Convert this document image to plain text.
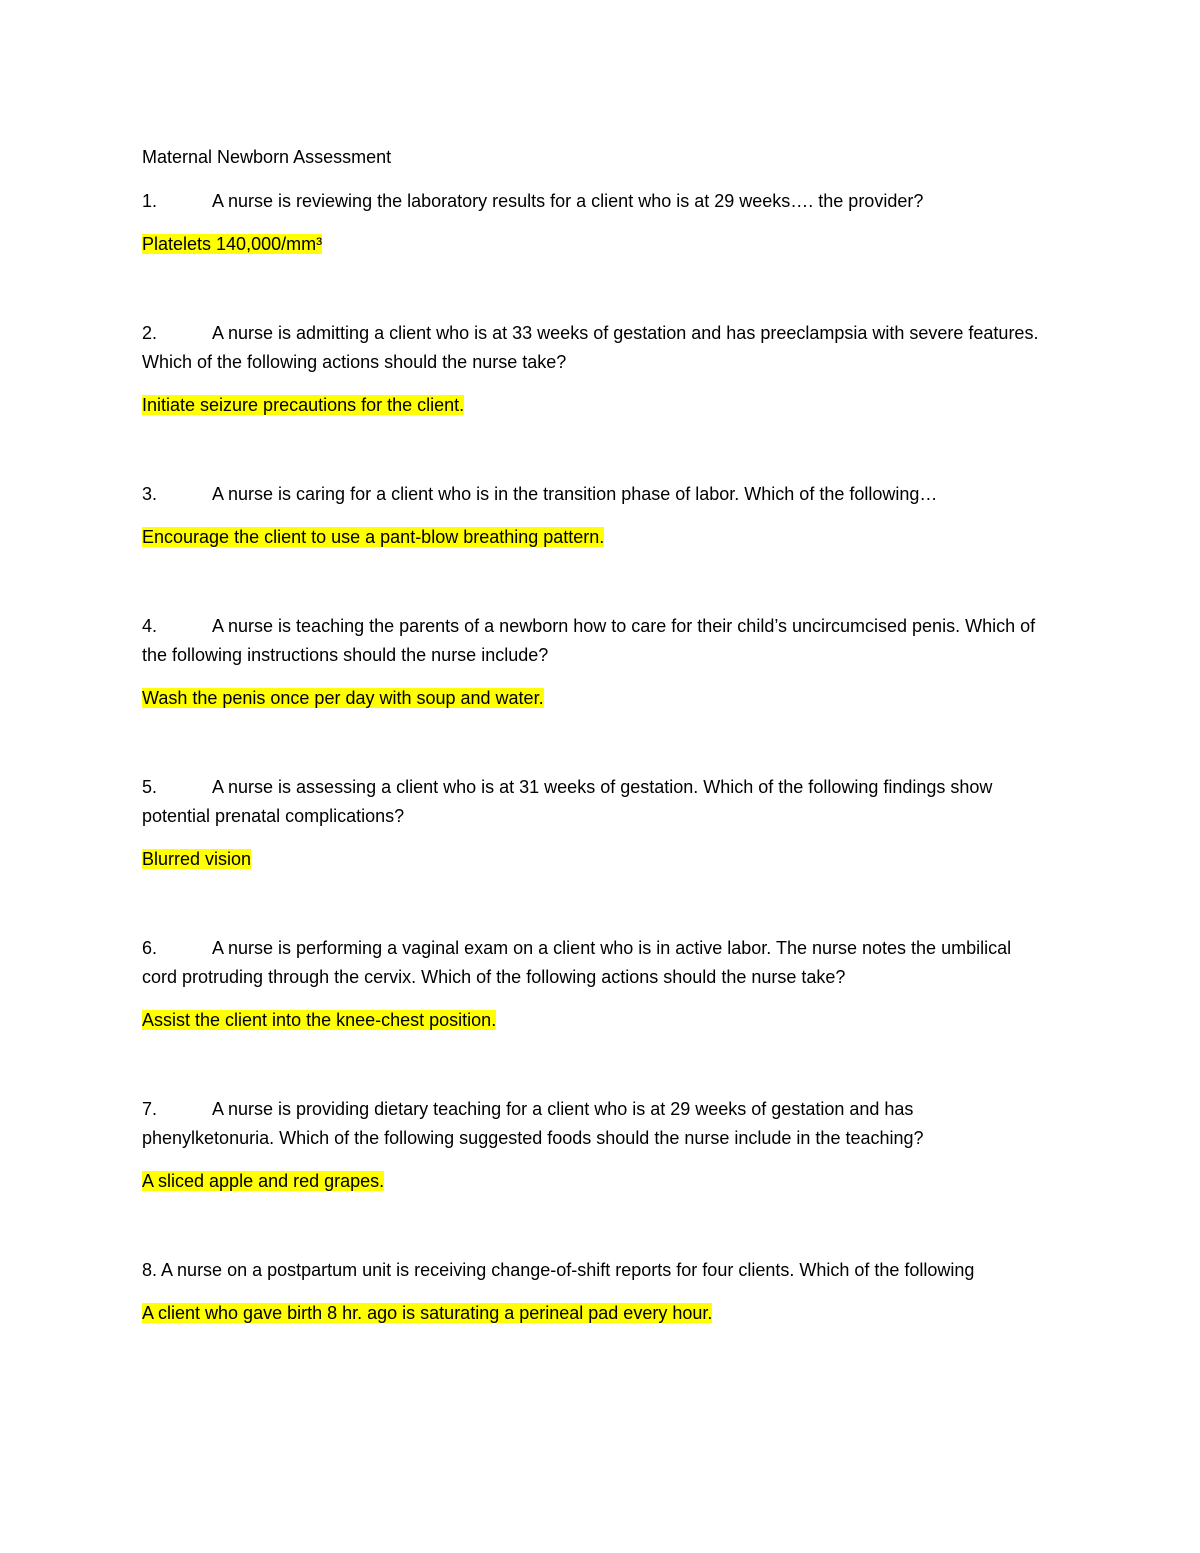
Maternal Newborn Assessment

1.	A nurse is reviewing the laboratory results for a client who is at 29 weeks…. the provider?

Platelets 140,000/mm³

2.	A nurse is admitting a client who is at 33 weeks of gestation and has preeclampsia with severe features. Which of the following actions should the nurse take?

Initiate seizure precautions for the client.

3.	A nurse is caring for a client who is in the transition phase of labor. Which of the following…

Encourage the client to use a pant-blow breathing pattern.

4.	A nurse is teaching the parents of a newborn how to care for their child’s uncircumcised penis. Which of the following instructions should the nurse include?

Wash the penis once per day with soup and water.

5.	A nurse is assessing a client who is at 31 weeks of gestation. Which of the following findings show potential prenatal complications?

Blurred vision

6.	A nurse is performing a vaginal exam on a client who is in active labor. The nurse notes the umbilical cord protruding through the cervix. Which of the following actions should the nurse take?

Assist the client into the knee-chest position.

7.	A nurse is providing dietary teaching for a client who is at 29 weeks of gestation and has phenylketonuria. Which of the following suggested foods should the nurse include in the teaching?

A sliced apple and red grapes.

8. A nurse on a postpartum unit is receiving change-of-shift reports for four clients. Which of the following

A client who gave birth 8 hr. ago is saturating a perineal pad every hour.
